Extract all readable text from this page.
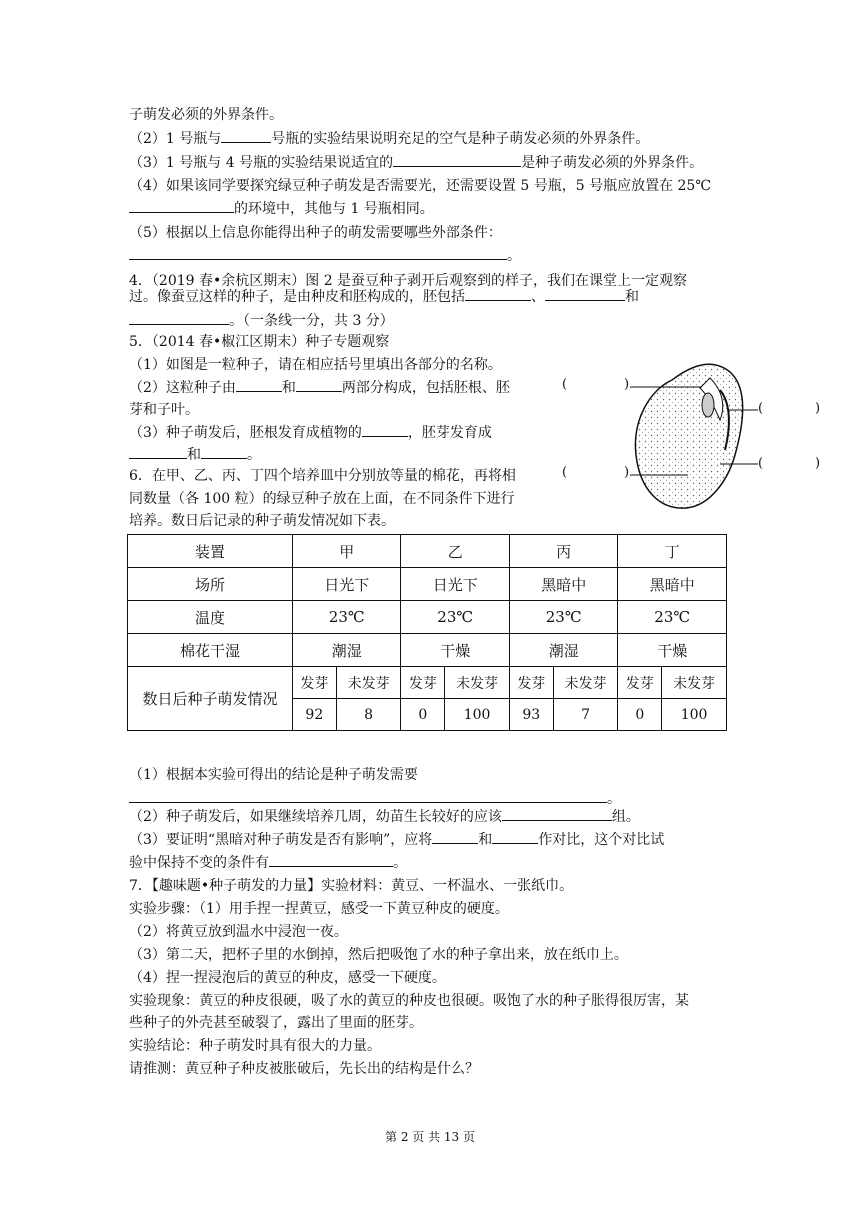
子萌发必须的外界条件。
（2）1 号瓶与	号瓶的实验结果说明充足的空气是种子萌发必须的外界条件。
（3）1 号瓶与 4 号瓶的实验结果说适宜的	是种子萌发必须的外界条件。
（4）如果该同学要探究绿豆种子萌发是否需要光，还需要设置 5 号瓶，5 号瓶应放置在 25℃
的环境中，其他与 1 号瓶相同。
（5）根据以上信息你能得出种子的萌发需要哪些外部条件：
。
4．（2019 春•余杭区期末）图 2 是蚕豆种子剥开后观察到的样子，我们在课堂上一定观察
过。像蚕豆这样的种子，是由种皮和胚构成的，胚包括	、	和
。（一条线一分，共 3 分）
5．（2014 春•椒江区期末）种子专题观察
（1）如图是一粒种子，请在相应括号里填出各部分的名称。
（2）这粒种子由	和	两部分构成，包括胚根、胚
芽和子叶。
（3）种子萌发后，胚根发育成植物的	，胚芽发育成
和	。
6．在甲、乙、丙、丁四个培养皿中分别放等量的棉花，再将相
同数量（各 100 粒）的绿豆种子放在上面，在不同条件下进行
培养。数日后记录的种子萌发情况如下表。
(	)
(	)
(	)
(	)
装置	甲		乙		丙		丁	
场所	日光下		日光下		黑暗中		黑暗中	
温度	23℃		23℃		23℃		23℃	
棉花干湿	潮湿		干燥		潮湿		干燥	
数日后种子萌发情况	发芽	未发芽	发芽	未发芽	发芽	未发芽	发芽	未发芽
	92	8	0	100	93	7	0	100
（1）根据本实验可得出的结论是种子萌发需要
。
（2）种子萌发后，如果继续培养几周，幼苗生长较好的应该	组。
（3）要证明“黑暗对种子萌发是否有影响”，应将	和	作对比，这个对比试
验中保持不变的条件有	。
7．【趣味题•种子萌发的力量】实验材料：黄豆、一杯温水、一张纸巾。
实验步骤：（1）用手捏一捏黄豆，感受一下黄豆种皮的硬度。
（2）将黄豆放到温水中浸泡一夜。
（3）第二天，把杯子里的水倒掉，然后把吸饱了水的种子拿出来，放在纸巾上。
（4）捏一捏浸泡后的黄豆的种皮，感受一下硬度。
实验现象：黄豆的种皮很硬，吸了水的黄豆的种皮也很硬。吸饱了水的种子胀得很厉害，某
些种子的外壳甚至破裂了，露出了里面的胚芽。
实验结论：种子萌发时具有很大的力量。
请推测：黄豆种子种皮被胀破后，先长出的结构是什么？
第 2 页 共 13 页
